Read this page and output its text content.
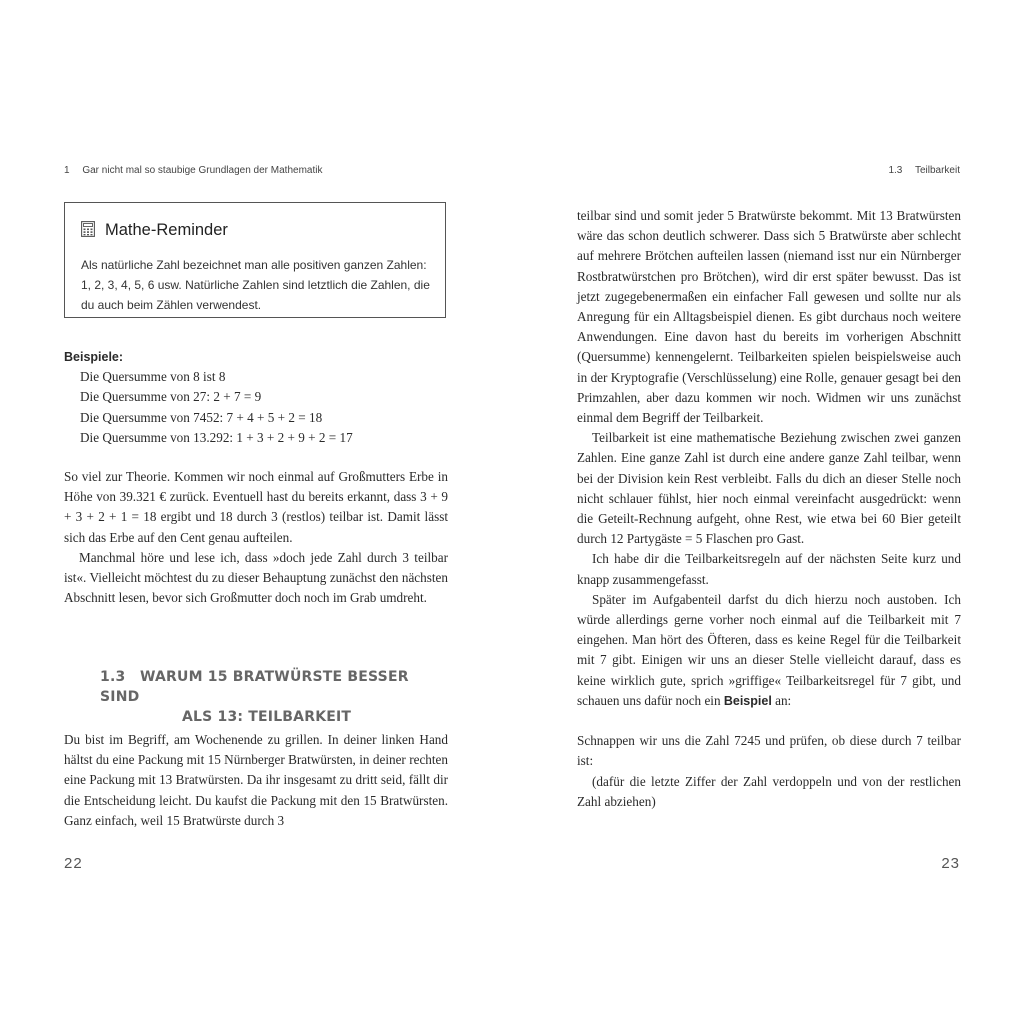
1 Gar nicht mal so staubige Grundlagen der Mathematik
Mathe-Reminder
Als natürliche Zahl bezeichnet man alle positiven ganzen Zahlen: 1, 2, 3, 4, 5, 6 usw. Natürliche Zahlen sind letztlich die Zahlen, die du auch beim Zählen verwendest.
Beispiele:
Die Quersumme von 8 ist 8
Die Quersumme von 27: 2 + 7 = 9
Die Quersumme von 7452: 7 + 4 + 5 + 2 = 18
Die Quersumme von 13.292: 1 + 3 + 2 + 9 + 2 = 17

So viel zur Theorie. Kommen wir noch einmal auf Großmutters Erbe in Höhe von 39.321 € zurück. Eventuell hast du bereits erkannt, dass 3 + 9 + 3 + 2 + 1 = 18 ergibt und 18 durch 3 (restlos) teilbar ist. Damit lässt sich das Erbe auf den Cent genau aufteilen.

Manchmal höre und lese ich, dass »doch jede Zahl durch 3 teilbar ist«. Vielleicht möchtest du zu dieser Behauptung zunächst den nächsten Abschnitt lesen, bevor sich Großmutter doch noch im Grab umdreht.

1.3 WARUM 15 BRATWÜRSTE BESSER SIND
ALS 13: TEILBARKEIT

Du bist im Begriff, am Wochenende zu grillen. In deiner linken Hand hältst du eine Packung mit 15 Nürnberger Bratwürsten, in deiner rechten eine Packung mit 13 Bratwürsten. Da ihr insgesamt zu dritt seid, fällt dir die Entscheidung leicht. Du kaufst die Packung mit den 15 Bratwürsten. Ganz einfach, weil 15 Bratwürste durch 3

22
1.3 Teilbarkeit

teilbar sind und somit jeder 5 Bratwürste bekommt. Mit 13 Bratwürsten wäre das schon deutlich schwerer. Dass sich 5 Bratwürste aber schlecht auf mehrere Brötchen aufteilen lassen (niemand isst nur ein Nürnberger Rostbratwürstchen pro Brötchen), wird dir erst später bewusst. Das ist jetzt zugegebenermaßen ein einfacher Fall gewesen und sollte nur als Anregung für ein Alltagsbeispiel dienen. Es gibt durchaus noch weitere Anwendungen. Eine davon hast du bereits im vorherigen Abschnitt (Quersumme) kennengelernt. Teilbarkeiten spielen beispielsweise auch in der Kryptografie (Verschlüsselung) eine Rolle, genauer gesagt bei den Primzahlen, aber dazu kommen wir noch. Widmen wir uns zunächst einmal dem Begriff der Teilbarkeit.

Teilbarkeit ist eine mathematische Beziehung zwischen zwei ganzen Zahlen. Eine ganze Zahl ist durch eine andere ganze Zahl teilbar, wenn bei der Division kein Rest verbleibt. Falls du dich an dieser Stelle noch nicht schlauer fühlst, hier noch einmal vereinfacht ausgedrückt: wenn die Geteilt-Rechnung aufgeht, ohne Rest, wie etwa bei 60 Bier geteilt durch 12 Partygäste = 5 Flaschen pro Gast.

Ich habe dir die Teilbarkeitsregeln auf der nächsten Seite kurz und knapp zusammengefasst.

Später im Aufgabenteil darfst du dich hierzu noch austoben. Ich würde allerdings gerne vorher noch einmal auf die Teilbarkeit mit 7 eingehen. Man hört des Öfteren, dass es keine Regel für die Teilbarkeit mit 7 gibt. Einigen wir uns an dieser Stelle vielleicht darauf, dass es keine wirklich gute, sprich »griffige« Teilbarkeitsregel für 7 gibt, und schauen uns dafür noch ein Beispiel an:

Schnappen wir uns die Zahl 7245 und prüfen, ob diese durch 7 teilbar ist:

(dafür die letzte Ziffer der Zahl verdoppeln und von der restlichen Zahl abziehen)

23
